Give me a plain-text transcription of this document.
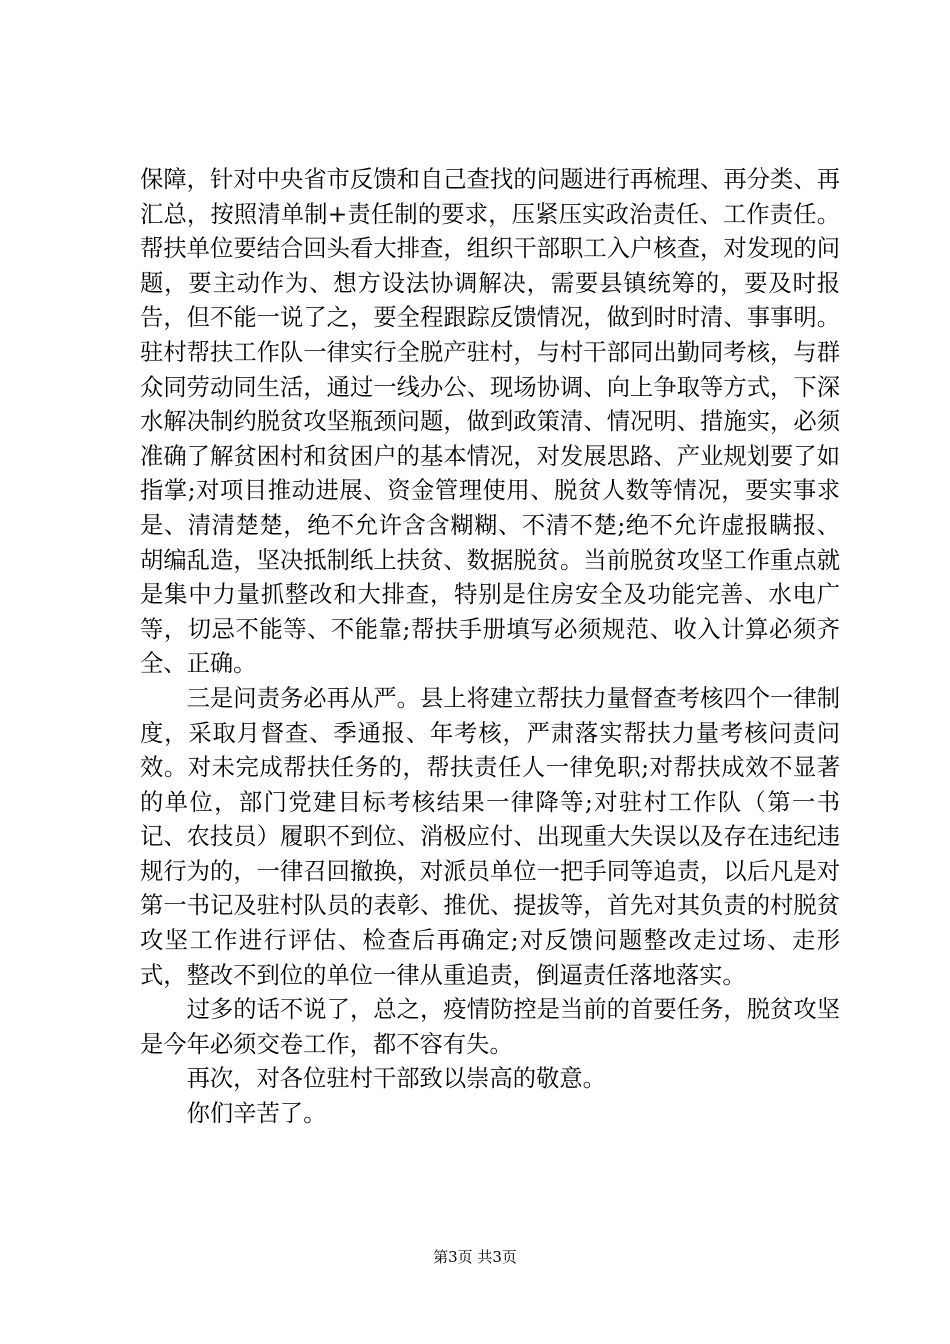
保障，针对中央省市反馈和自己查找的问题进行再梳理、再分类、再汇总，按照清单制+责任制的要求，压紧压实政治责任、工作责任。帮扶单位要结合回头看大排查，组织干部职工入户核查，对发现的问题，要主动作为、想方设法协调解决，需要县镇统筹的，要及时报告，但不能一说了之，要全程跟踪反馈情况，做到时时清、事事明。驻村帮扶工作队一律实行全脱产驻村，与村干部同出勤同考核，与群众同劳动同生活，通过一线办公、现场协调、向上争取等方式，下深水解决制约脱贫攻坚瓶颈问题，做到政策清、情况明、措施实，必须准确了解贫困村和贫困户的基本情况，对发展思路、产业规划要了如指掌;对项目推动进展、资金管理使用、脱贫人数等情况，要实事求是、清清楚楚，绝不允许含含糊糊、不清不楚;绝不允许虚报瞒报、胡编乱造，坚决抵制纸上扶贫、数据脱贫。当前脱贫攻坚工作重点就是集中力量抓整改和大排查，特别是住房安全及功能完善、水电广等，切忌不能等、不能靠;帮扶手册填写必须规范、收入计算必须齐全、正确。

三是问责务必再从严。县上将建立帮扶力量督查考核四个一律制度，采取月督查、季通报、年考核，严肃落实帮扶力量考核问责问效。对未完成帮扶任务的，帮扶责任人一律免职;对帮扶成效不显著的单位，部门党建目标考核结果一律降等;对驻村工作队（第一书记、农技员）履职不到位、消极应付、出现重大失误以及存在违纪违规行为的，一律召回撤换，对派员单位一把手同等追责，以后凡是对第一书记及驻村队员的表彰、推优、提拔等，首先对其负责的村脱贫攻坚工作进行评估、检查后再确定;对反馈问题整改走过场、走形式，整改不到位的单位一律从重追责，倒逼责任落地落实。

过多的话不说了，总之，疫情防控是当前的首要任务，脱贫攻坚是今年必须交卷工作，都不容有失。

再次，对各位驻村干部致以崇高的敬意。

你们辛苦了。

第3页 共3页
